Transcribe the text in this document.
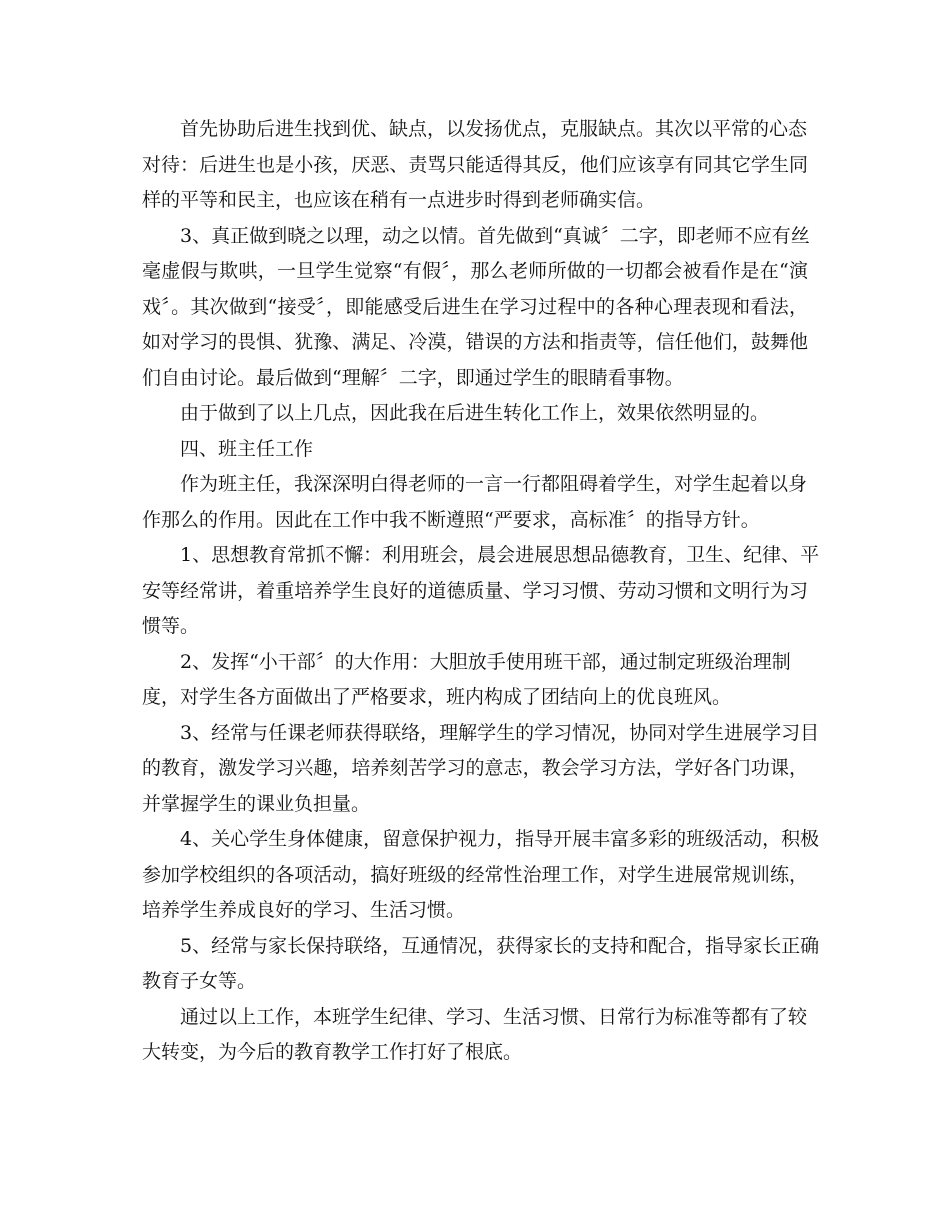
首先协助后进生找到优、缺点，以发扬优点，克服缺点。其次以平常的心态
对待：后进生也是小孩，厌恶、责骂只能适得其反，他们应该享有同其它学生同
样的平等和民主，也应该在稍有一点进步时得到老师确实信。
3、真正做到晓之以理，动之以情。首先做到“真诚〞二字，即老师不应有丝
毫虚假与欺哄，一旦学生觉察“有假〞，那么老师所做的一切都会被看作是在“演
戏〞。其次做到“接受〞，即能感受后进生在学习过程中的各种心理表现和看法，
如对学习的畏惧、犹豫、满足、冷漠，错误的方法和指责等，信任他们，鼓舞他
们自由讨论。最后做到“理解〞二字，即通过学生的眼睛看事物。
由于做到了以上几点，因此我在后进生转化工作上，效果依然明显的。
四、班主任工作
作为班主任，我深深明白得老师的一言一行都阻碍着学生，对学生起着以身
作那么的作用。因此在工作中我不断遵照“严要求，高标准〞的指导方针。
1、思想教育常抓不懈：利用班会，晨会进展思想品德教育，卫生、纪律、平
安等经常讲，着重培养学生良好的道德质量、学习习惯、劳动习惯和文明行为习
惯等。
2、发挥“小干部〞的大作用：大胆放手使用班干部，通过制定班级治理制
度，对学生各方面做出了严格要求，班内构成了团结向上的优良班风。
3、经常与任课老师获得联络，理解学生的学习情况，协同对学生进展学习目
的教育，激发学习兴趣，培养刻苦学习的意志，教会学习方法，学好各门功课，
并掌握学生的课业负担量。
4、关心学生身体健康，留意保护视力，指导开展丰富多彩的班级活动，积极
参加学校组织的各项活动，搞好班级的经常性治理工作，对学生进展常规训练，
培养学生养成良好的学习、生活习惯。
5、经常与家长保持联络，互通情况，获得家长的支持和配合，指导家长正确
教育子女等。
通过以上工作，本班学生纪律、学习、生活习惯、日常行为标准等都有了较
大转变，为今后的教育教学工作打好了根底。
